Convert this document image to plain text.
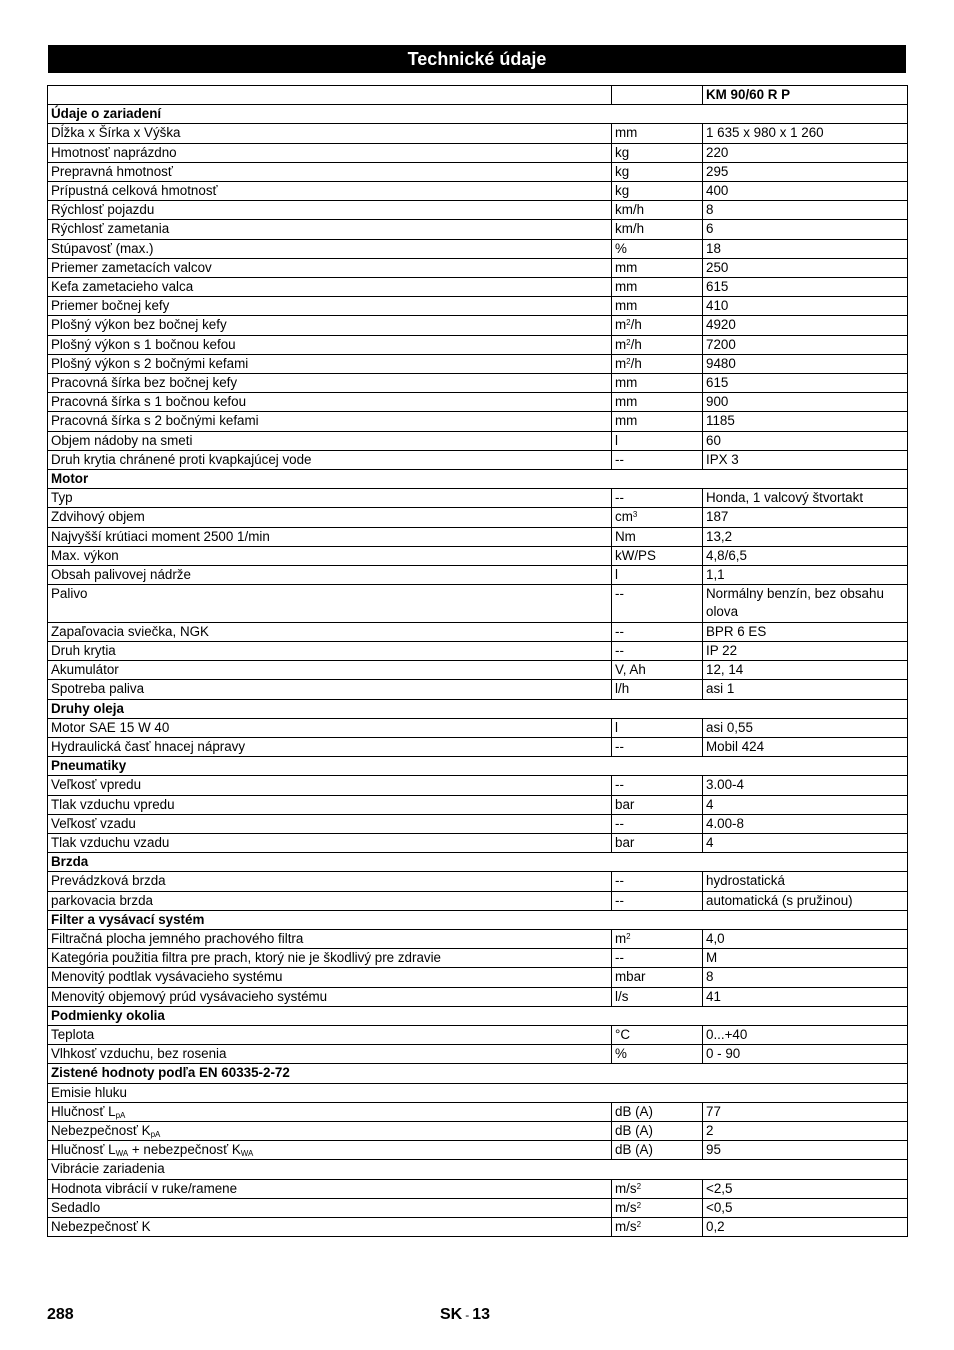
Technické údaje
		KM 90/60 R P
Údaje o zariadení		
Dĺžka x Šírka x Výška	mm	1 635 x 980 x 1 260
Hmotnosť naprázdno	kg	220
Prepravná hmotnosť	kg	295
Prípustná celková hmotnosť	kg	400
Rýchlosť pojazdu	km/h	8
Rýchlosť zametania	km/h	6
Stúpavosť (max.)	%	18
Priemer zametacích valcov	mm	250
Kefa zametacieho valca	mm	615
Priemer bočnej kefy	mm	410
Plošný výkon bez bočnej kefy	$m^2/h$	4920
Plošný výkon s 1 bočnou kefou	$m^2/h$	7200
Plošný výkon s 2 bočnými kefami	$m^2/h$	9480
Pracovná šírka bez bočnej kefy	mm	615
Pracovná šírka s 1 bočnou kefou	mm	900
Pracovná šírka s 2 bočnými kefami	mm	1185
Objem nádoby na smeti	l	60
Druh krytia chránené proti kvapkajúcej vode	--	IPX 3
Motor		
Typ	--	Honda, 1 valcový štvortakt
Zdvihový objem	$cm^3$	187
Najvyšší krútiaci moment 2500 1/min	Nm	13,2
Max. výkon	kW/PS	4,8/6,5
Obsah palivovej nádrže	l	1,1
Palivo	--	Normálny benzín, bez obsahu olova
Zapaľovacia sviečka, NGK	--	BPR 6 ES
Druh krytia	--	IP 22
Akumulátor	V, Ah	12, 14
Spotreba paliva	l/h	asi 1
Druhy oleja		
Motor SAE 15 W 40	l	asi 0,55
Hydraulická časť hnacej nápravy	--	Mobil 424
Pneumatiky		
Veľkosť vpredu	--	3.00-4
Tlak vzduchu vpredu	bar	4
Veľkosť vzadu	--	4.00-8
Tlak vzduchu vzadu	bar	4
Brzda		
Prevádzková brzda	--	hydrostatická
parkovacia brzda	--	automatická (s pružinou)
Filter a vysávací systém		
Filtračná plocha jemného prachového filtra	$m^2$	4,0
Kategória použitia filtra pre prach, ktorý nie je škodlivý pre zdravie	--	M
Menovitý podtlak vysávacieho systému	mbar	8
Menovitý objemový prúd vysávacieho systému	l/s	41
Podmienky okolia		
Teplota	°C	0...+40
Vlhkosť vzduchu, bez rosenia	%	0 - 90
Zistené hodnoty podľa EN 60335-2-72		
Emisie hluku		
Hlučnosť $L_{pA}$	dB (A)	77
Nebezpečnosť $K_{pA}$	dB (A)	2
Hlučnosť $L_{WA}$ + nebezpečnosť $K_{WA}$	dB (A)	95
Vibrácie zariadenia		
Hodnota vibrácií v ruke/ramene	$m/s^2$	<2,5
Sedadlo	$m/s^2$	<0,5
Nebezpečnosť K	$m/s^2$	0,2
288	SK - 13
